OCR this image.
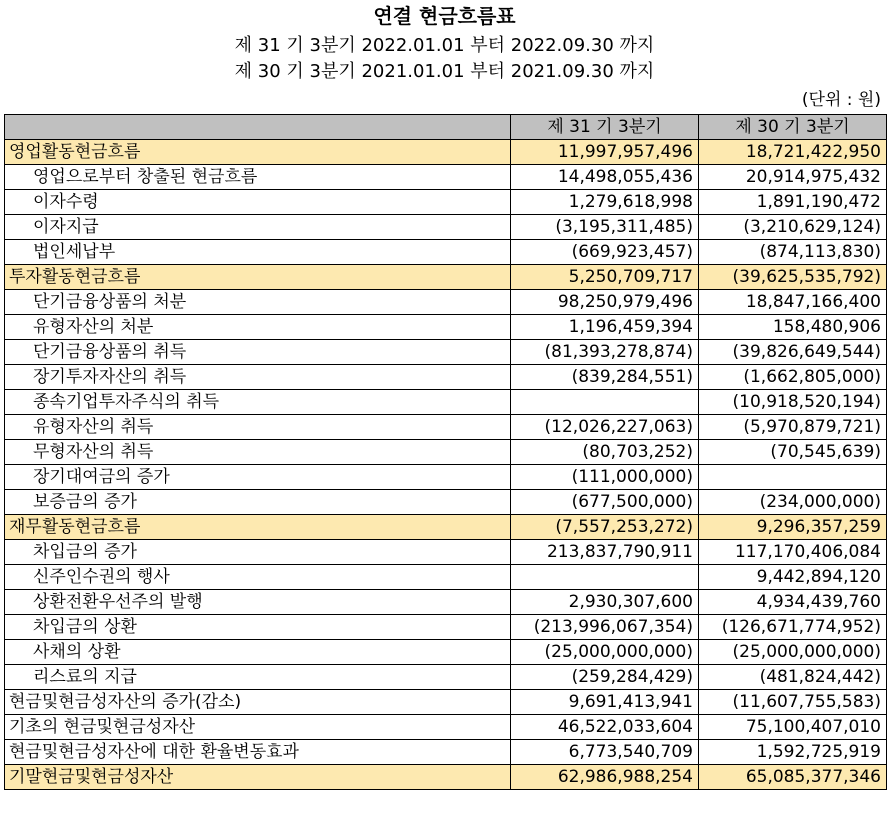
연결 현금흐름표
제 31 기 3분기 2022.01.01 부터 2022.09.30 까지
제 30 기 3분기 2021.01.01 부터 2021.09.30 까지
(단위 : 원)
	제 31 기 3분기	제 30 기 3분기
영업활동현금흐름	11,997,957,496	18,721,422,950
영업으로부터 창출된 현금흐름	14,498,055,436	20,914,975,432
이자수령	1,279,618,998	1,891,190,472
이자지급	(3,195,311,485)	(3,210,629,124)
법인세납부	(669,923,457)	(874,113,830)
투자활동현금흐름	5,250,709,717	(39,625,535,792)
단기금융상품의 처분	98,250,979,496	18,847,166,400
유형자산의 처분	1,196,459,394	158,480,906
단기금융상품의 취득	(81,393,278,874)	(39,826,649,544)
장기투자자산의 취득	(839,284,551)	(1,662,805,000)
종속기업투자주식의 취득		(10,918,520,194)
유형자산의 취득	(12,026,227,063)	(5,970,879,721)
무형자산의 취득	(80,703,252)	(70,545,639)
장기대여금의 증가	(111,000,000)	
보증금의 증가	(677,500,000)	(234,000,000)
재무활동현금흐름	(7,557,253,272)	9,296,357,259
차입금의 증가	213,837,790,911	117,170,406,084
신주인수권의 행사		9,442,894,120
상환전환우선주의 발행	2,930,307,600	4,934,439,760
차입금의 상환	(213,996,067,354)	(126,671,774,952)
사채의 상환	(25,000,000,000)	(25,000,000,000)
리스료의 지급	(259,284,429)	(481,824,442)
현금및현금성자산의 증가(감소)	9,691,413,941	(11,607,755,583)
기초의 현금및현금성자산	46,522,033,604	75,100,407,010
현금및현금성자산에 대한 환율변동효과	6,773,540,709	1,592,725,919
기말현금및현금성자산	62,986,988,254	65,085,377,346
